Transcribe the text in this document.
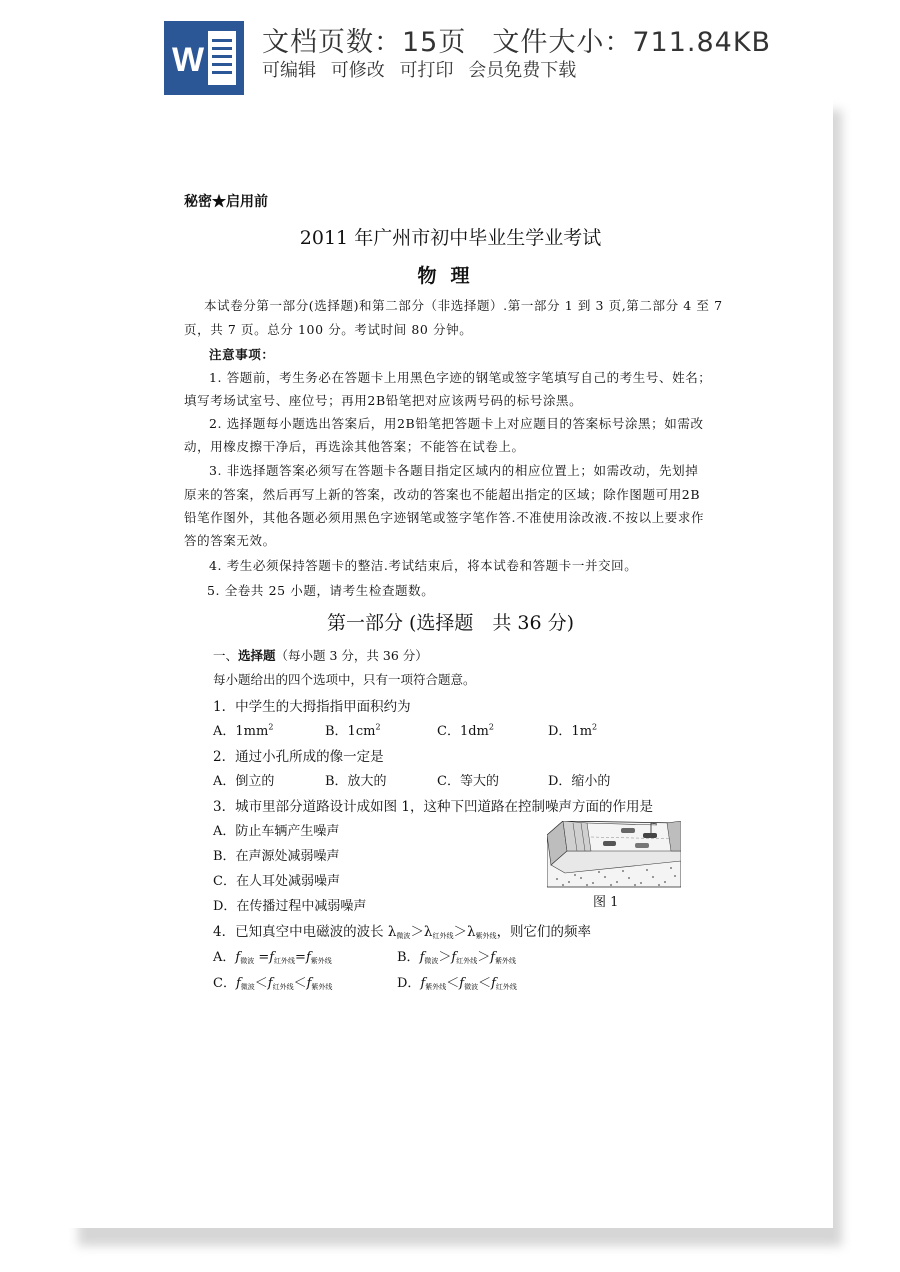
W 文档页数：15页 文件大小：711.84KB
可编辑 可修改 可打印 会员免费下载
秘密★启用前
2011 年广州市初中毕业生学业考试
物理
本试卷分第一部分(选择题)和第二部分（非选择题）.第一部分 1 到 3 页,第二部分 4 至 7
页，共 7 页。总分 100 分。考试时间 80 分钟。
注意事项：
1. 答题前，考生务必在答题卡上用黑色字迹的钢笔或签字笔填写自己的考生号、姓名；
填写考场试室号、座位号；再用2B铅笔把对应该两号码的标号涂黑。
2. 选择题每小题选出答案后，用2B铅笔把答题卡上对应题目的答案标号涂黑；如需改
动，用橡皮擦干净后，再选涂其他答案；不能答在试卷上。
3. 非选择题答案必须写在答题卡各题目指定区域内的相应位置上；如需改动，先划掉
原来的答案，然后再写上新的答案，改动的答案也不能超出指定的区域；除作图题可用2B
铅笔作图外，其他各题必须用黑色字迹钢笔或签字笔作答.不准使用涂改液.不按以上要求作
答的答案无效。
4. 考生必须保持答题卡的整洁.考试结束后，将本试卷和答题卡一并交回。
5. 全卷共 25 小题，请考生检查题数。
第一部分 (选择题　共 36 分)
一、选择题（每小题 3 分，共 36 分）
每小题给出的四个选项中，只有一项符合题意。
1．中学生的大拇指指甲面积约为
A．$1mm^2$	B．$1cm^2$	C．$1dm^2$	D．$1m^2$
2．通过小孔所成的像一定是
A．倒立的	B．放大的	C．等大的	D．缩小的
3．城市里部分道路设计成如图 1，这种下凹道路在控制噪声方面的作用是
A．防止车辆产生噪声
B．在声源处减弱噪声
C．在人耳处减弱噪声
D．在传播过程中减弱噪声	图 1
4．已知真空中电磁波的波长 $\lambda_{微波}>\lambda_{红外线}>\lambda_{紫外线}$，则它们的频率
A．$f_{微波} =f_{红外线}=f_{紫外线}$	B．$f_{微波}>f_{红外线}>f_{紫外线}$
C．$f_{微波}<f_{红外线}<f_{紫外线}$	D．$f_{紫外线}<f_{微波}<f_{红外线}$
